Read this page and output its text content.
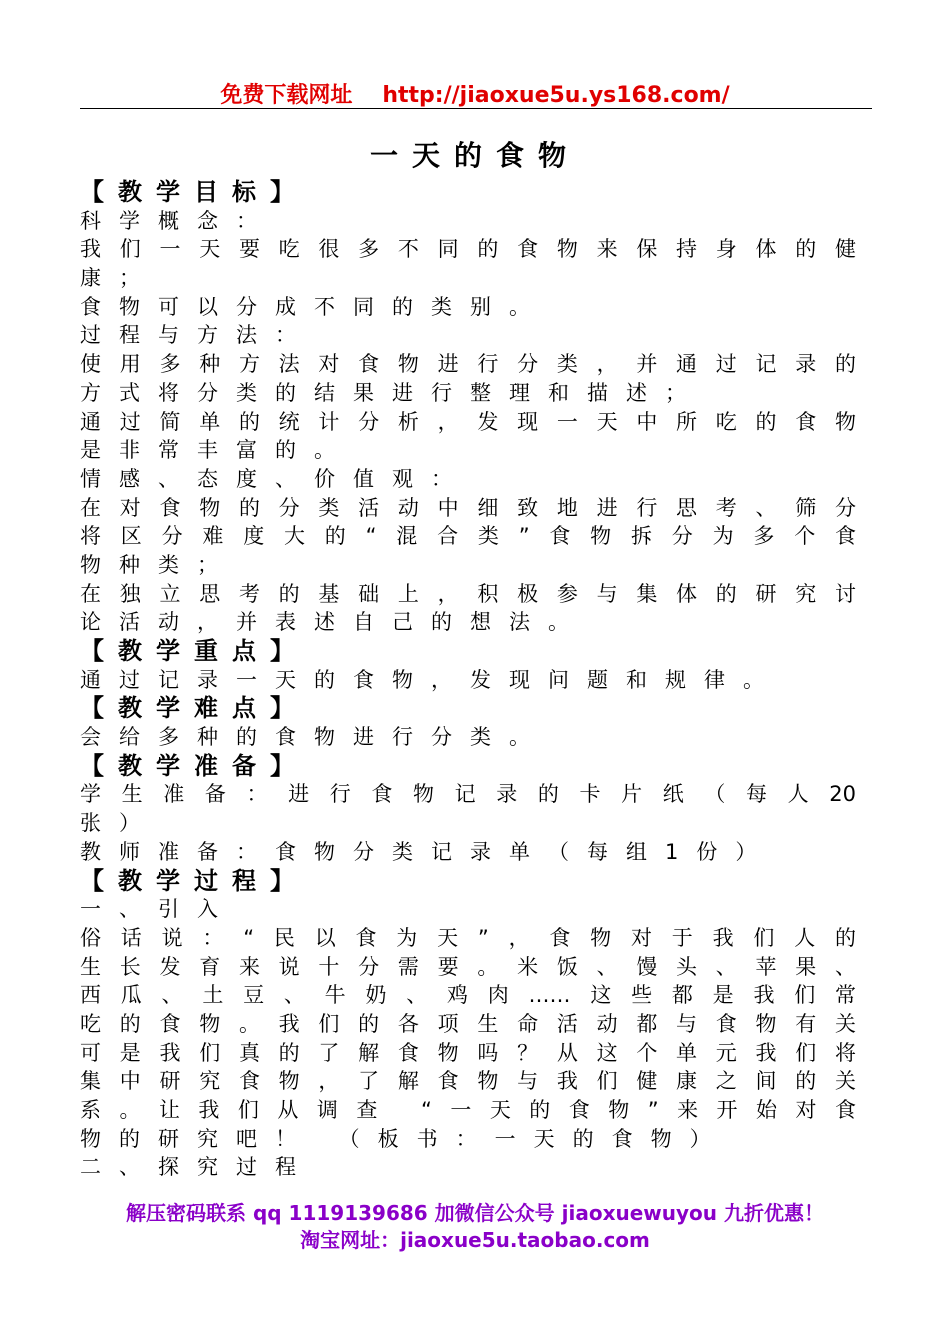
免费下载网址 http://jiaoxue5u.ys168.com/
一天的食物
【教学目标】
科学概念：
我们一天要吃很多不同的食物来保持身体的健
康；
食物可以分成不同的类别。
过程与方法：
使用多种方法对食物进行分类，并通过记录的
方式将分类的结果进行整理和描述；
通过简单的统计分析，发现一天中所吃的食物
是非常丰富的。
情感、态度、价值观：
在对食物的分类活动中细致地进行思考、筛分
将区分难度大的“混合类”食物拆分为多个食
物种类；
在独立思考的基础上，积极参与集体的研究讨
论活动，并表述自己的想法。
【教学重点】
通过记录一天的食物，发现问题和规律。
【教学难点】
会给多种的食物进行分类。
【教学准备】
学生准备：进行食物记录的卡片纸（每人20
张）
教师准备：食物分类记录单（每组1份）
【教学过程】
一、引入
俗话说：“民以食为天”，食物对于我们人的
生长发育来说十分需要。米饭、馒头、苹果、
西瓜、土豆、牛奶、鸡肉……这些都是我们常
吃的食物。我们的各项生命活动都与食物有关
可是我们真的了解食物吗？从这个单元我们将
集中研究食物，了解食物与我们健康之间的关
系。让我们从调查 “一天的食物”来开始对食
物的研究吧！ （板书：一天的食物）
二、探究过程
解压密码联系 qq 1119139686 加微信公众号 jiaoxuewuyou 九折优惠！
淘宝网址：jiaoxue5u.taobao.com
